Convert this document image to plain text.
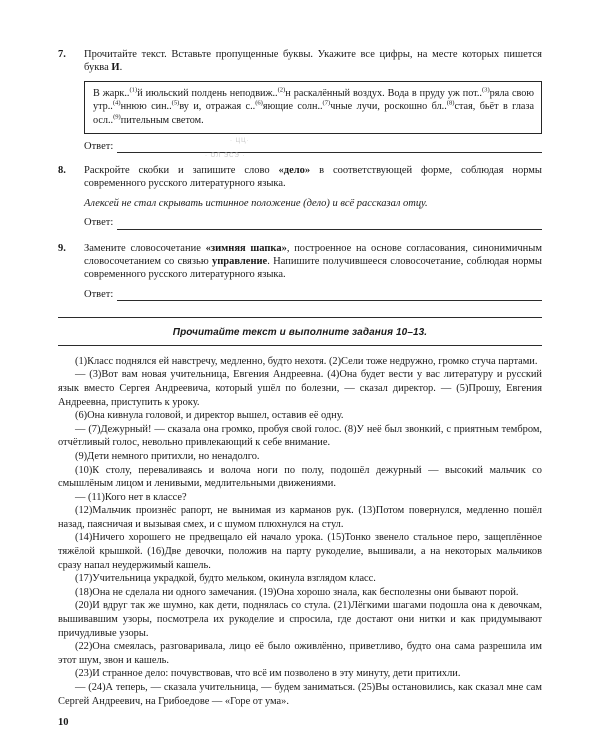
· ЦЦ·
· ОЛ ЭСЭ ·
7.	Прочитайте текст. Вставьте пропущенные буквы. Укажите все цифры, на месте которых пишется буква И.

В жарк..$^{(1)}$й июльский полдень неподвиж..$^{(2)}$н раскалённый воздух. Вода в пруду уж пот..$^{(3)}$ряла свою утр..$^{(4)}$ннюю син..$^{(5)}$ву и, отражая с..$^{(6)}$яющие солн..$^{(7)}$чные лучи, роскошно бл..$^{(8)}$стая, бьёт в глаза осл..$^{(9)}$пительным светом.
Ответ:
8.	Раскройте скобки и запишите слово «дело» в соответствующей форме, соблюдая нормы современного русского литературного языка.

Алексей не стал скрывать истинное положение (дело) и всё рассказал отцу.

Ответ:
9.	Замените словосочетание «зимняя шапка», построенное на основе согласования, синонимичным словосочетанием со связью управление. Напишите получившееся словосочетание, соблюдая нормы современного русского литературного языка.

Ответ:
Прочитайте текст и выполните задания 10–13.

(1)Класс поднялся ей навстречу, медленно, будто нехотя. (2)Сели тоже недружно, громко стуча партами.

— (3)Вот вам новая учительница, Евгения Андреевна. (4)Она будет вести у вас литературу и русский язык вместо Сергея Андреевича, который ушёл по болезни, — сказал директор. — (5)Прошу, Евгения Андреевна, приступить к уроку.

(6)Она кивнула головой, и директор вышел, оставив её одну.

— (7)Дежурный! — сказала она громко, пробуя свой голос. (8)У неё был звонкий, с приятным тембром, отчётливый голос, невольно привлекающий к себе внимание.

(9)Дети немного притихли, но ненадолго.

(10)К столу, переваливаясь и волоча ноги по полу, подошёл дежурный — высокий мальчик со смышлёным лицом и ленивыми, медлительными движениями.

— (11)Кого нет в классе?

(12)Мальчик произнёс рапорт, не вынимая из карманов рук. (13)Потом повернулся, медленно пошёл назад, паясничая и вызывая смех, и с шумом плюхнулся на стул.

(14)Ничего хорошего не предвещало ей начало урока. (15)Тонко звенело стальное перо, защеплённое тяжёлой крышкой. (16)Две девочки, положив на парту рукоделие, вышивали, а на некоторых мальчиков сразу напал неудержимый кашель.

(17)Учительница украдкой, будто мельком, окинула взглядом класс.

(18)Она не сделала ни одного замечания. (19)Она хорошо знала, как бесполезны они бывают порой.

(20)И вдруг так же шумно, как дети, поднялась со стула. (21)Лёгкими шагами подошла она к девочкам, вышивавшим узоры, посмотрела их рукоделие и спросила, где достают они нитки и как придумывают причудливые узоры.

(22)Она смеялась, разговаривала, лицо её было оживлённо, приветливо, будто она сама разрешила им этот шум, звон и кашель.

(23)И странное дело: почувствовав, что всё им позволено в эту минуту, дети притихли.

— (24)А теперь, — сказала учительница, — будем заниматься. (25)Вы остановились, как сказал мне сам Сергей Андреевич, на Грибоедове — «Горе от ума».

10
